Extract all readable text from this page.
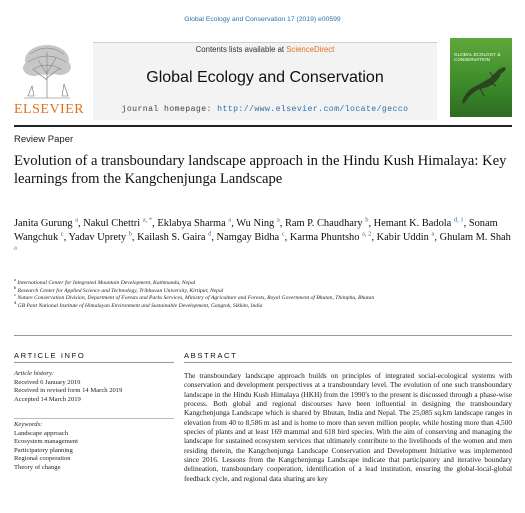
Global Ecology and Conservation 17 (2019) e00599
ELSEVIER
Contents lists available at ScienceDirect
Global Ecology and Conservation
journal homepage: http://www.elsevier.com/locate/gecco
GLOBAL ECOLOGY & CONSERVATION
Review Paper
Evolution of a transboundary landscape approach in the Hindu Kush Himalaya: Key learnings from the Kangchenjunga Landscape
Janita Gurung $^a$, Nakul Chettri $^{a, *}$, Eklabya Sharma $^a$, Wu Ning $^a$, Ram P. Chaudhary $^b$, Hemant K. Badola $^{d, 1}$, Sonam Wangchuk $^c$, Yadav Uprety $^b$, Kailash S. Gaira $^d$, Namgay Bidha $^c$, Karma Phuntsho $^{a, 2}$, Kabir Uddin $^a$, Ghulam M. Shah $^a$
$^a$ International Center for Integrated Mountain Development, Kathmandu, Nepal
$^b$ Research Center for Applied Science and Technology, Tribhuvan University, Kirtipur, Nepal
$^c$ Nature Conservation Division, Department of Forests and Parks Services, Ministry of Agriculture and Forests, Royal Government of Bhutan, Thimphu, Bhutan
$^d$ GB Pant National Institute of Himalayan Environment and Sustainable Development, Gangtok, Sikkim, India
ARTICLE INFO	ABSTRACT
Article history:
Received 6 January 2019
Received in revised form 14 March 2019
Accepted 14 March 2019
Keywords:
Landscape approach
Ecosystem management
Participatory planning
Regional cooperation
Theory of change
The transboundary landscape approach builds on principles of integrated social-ecological systems with conservation and development perspectives at a transboundary level. The evolution of one such transboundary landscape in the Hindu Kush Himalaya (HKH) from the 1990's to the present is discussed through a phase-wise process. Both global and regional discourses have been influential in designing the transboundary Kangchenjunga Landscape which is shared by Bhutan, India and Nepal. The 25,085 sq.km landscape ranges in elevation from 40 to 8,586 m asl and is home to more than seven million people, while hosting more than 4,500 species of plants and at least 169 mammal and 618 bird species. With the aim of conserving and managing the landscape for sustained ecosystem services that ultimately contribute to the livelihoods of the women and men residing therein, the Kangchenjunga Landscape Conservation and Development Initiative was implemented since 2016. Lessons from the Kangchenjunga Landscape indicate that participatory and iterative boundary delineation, transboundary cooperation, identification of a lead institution, ensuring the global-local-global feedback cycle, and regional data sharing are key
